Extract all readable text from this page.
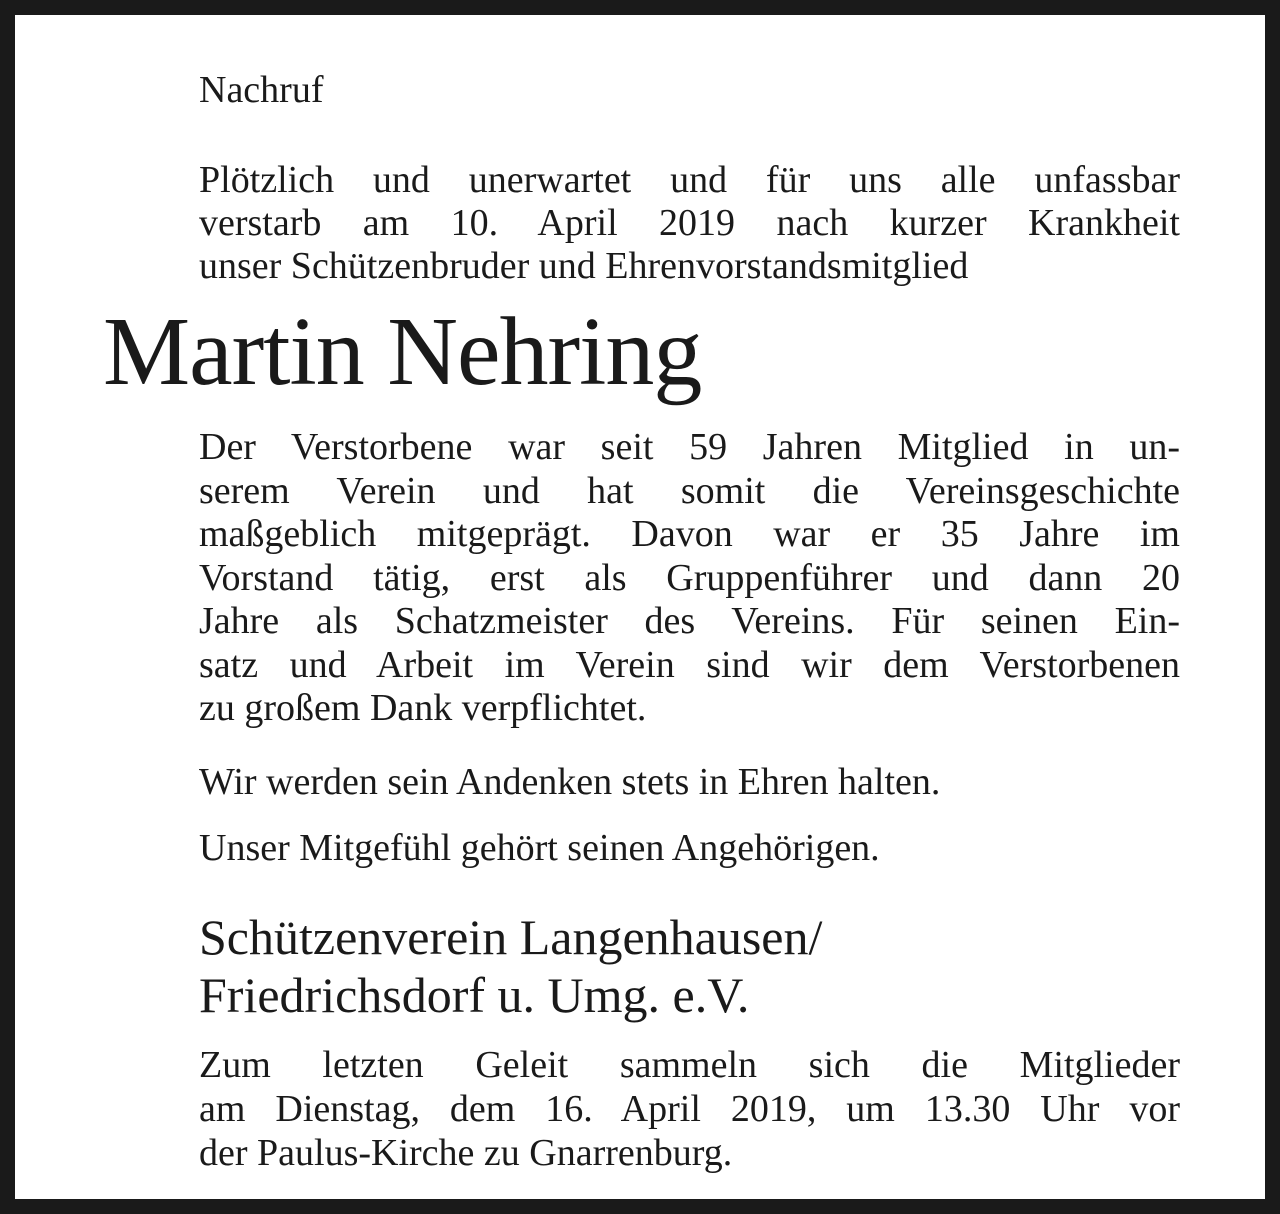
Nachruf
Plötzlich und unerwartet und für uns alle unfassbar
verstarb am 10. April 2019 nach kurzer Krankheit
unser Schützenbruder und Ehrenvorstandsmitglied
Martin Nehring
Der Verstorbene war seit 59 Jahren Mitglied in un-
serem Verein und hat somit die Vereinsgeschichte
maßgeblich mitgeprägt. Davon war er 35 Jahre im
Vorstand tätig, erst als Gruppenführer und dann 20
Jahre als Schatzmeister des Vereins. Für seinen Ein-
satz und Arbeit im Verein sind wir dem Verstorbenen
zu großem Dank verpflichtet.
Wir werden sein Andenken stets in Ehren halten.
Unser Mitgefühl gehört seinen Angehörigen.
Schützenverein Langenhausen/
Friedrichsdorf u. Umg. e.V.
Zum letzten Geleit sammeln sich die Mitglieder
am Dienstag, dem 16. April 2019, um 13.30 Uhr vor
der Paulus-Kirche zu Gnarrenburg.
